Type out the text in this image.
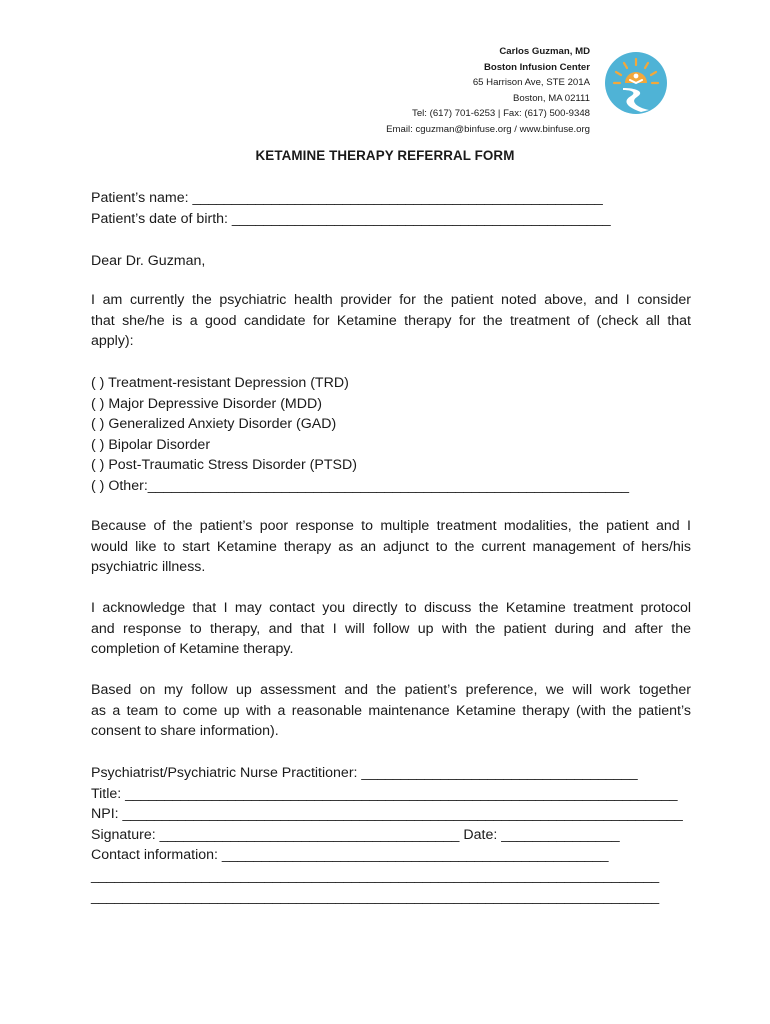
Carlos Guzman, MD
Boston Infusion Center
65 Harrison Ave, STE 201A
Boston, MA 02111
Tel: (617) 701-6253 | Fax: (617) 500-9348
Email: cguzman@binfuse.org / www.binfuse.org
KETAMINE THERAPY REFERRAL FORM
Patient’s name: ____________________________________________________
Patient’s date of birth: ________________________________________________
Dear Dr. Guzman,
I am currently the psychiatric health provider for the patient noted above, and I consider
that she/he is a good candidate for Ketamine therapy for the treatment of (check all that
apply):
( ) Treatment-resistant Depression (TRD)
( ) Major Depressive Disorder (MDD)
( ) Generalized Anxiety Disorder (GAD)
( ) Bipolar Disorder
( ) Post-Traumatic Stress Disorder (PTSD)
( ) Other:_____________________________________________________________
Because of the patient’s poor response to multiple treatment modalities, the patient and I
would like to start Ketamine therapy as an adjunct to the current management of hers/his
psychiatric illness.
I acknowledge that I may contact you directly to discuss the Ketamine treatment protocol
and response to therapy, and that I will follow up with the patient during and after the
completion of Ketamine therapy.
Based on my follow up assessment and the patient’s preference, we will work together
as a team to come up with a reasonable maintenance Ketamine therapy (with the patient’s
consent to share information).
Psychiatrist/Psychiatric Nurse Practitioner: ___________________________________
Title: ______________________________________________________________________
NPI: _______________________________________________________________________
Signature: ______________________________________ Date: _______________
Contact information: _________________________________________________
________________________________________________________________________
________________________________________________________________________
